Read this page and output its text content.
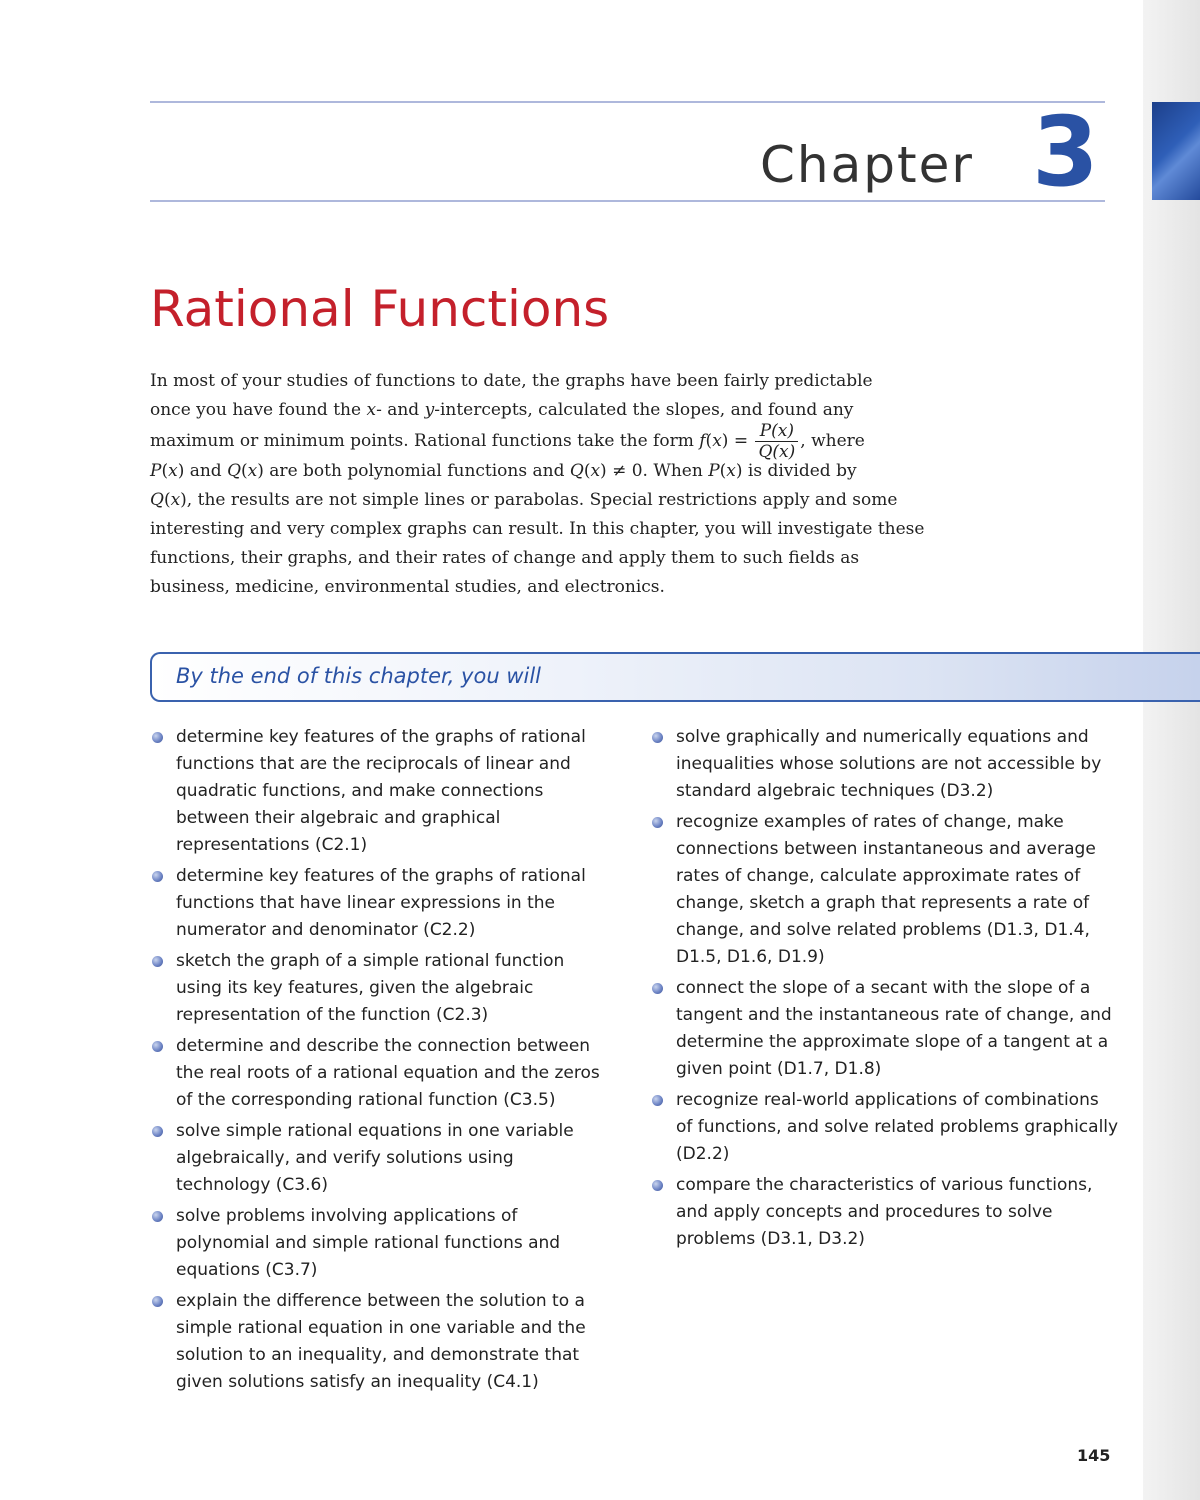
Chapter 3
Rational Functions
In most of your studies of functions to date, the graphs have been fairly predictable
once you have found the x- and y-intercepts, calculated the slopes, and found any
maximum or minimum points. Rational functions take the form $f(x) = \frac{P(x)}{Q(x)}$ , where
P(x) and Q(x) are both polynomial functions and Q(x) ≠ 0. When P(x) is divided by
Q(x), the results are not simple lines or parabolas. Special restrictions apply and some
interesting and very complex graphs can result. In this chapter, you will investigate these
functions, their graphs, and their rates of change and apply them to such fields as
business, medicine, environmental studies, and electronics.
By the end of this chapter, you will
determine key features of the graphs of rational functions that are the reciprocals of linear and quadratic functions, and make connections between their algebraic and graphical representations (C2.1)
determine key features of the graphs of rational functions that have linear expressions in the numerator and denominator (C2.2)
sketch the graph of a simple rational function using its key features, given the algebraic representation of the function (C2.3)
determine and describe the connection between the real roots of a rational equation and the zeros of the corresponding rational function (C3.5)
solve simple rational equations in one variable algebraically, and verify solutions using technology (C3.6)
solve problems involving applications of polynomial and simple rational functions and equations (C3.7)
explain the difference between the solution to a simple rational equation in one variable and the solution to an inequality, and demonstrate that given solutions satisfy an inequality (C4.1)
solve graphically and numerically equations and inequalities whose solutions are not accessible by standard algebraic techniques (D3.2)
recognize examples of rates of change, make connections between instantaneous and average rates of change, calculate approximate rates of change, sketch a graph that represents a rate of change, and solve related problems (D1.3, D1.4, D1.5, D1.6, D1.9)
connect the slope of a secant with the slope of a tangent and the instantaneous rate of change, and determine the approximate slope of a tangent at a given point (D1.7, D1.8)
recognize real-world applications of combinations of functions, and solve related problems graphically (D2.2)
compare the characteristics of various functions, and apply concepts and procedures to solve problems (D3.1, D3.2)
145
